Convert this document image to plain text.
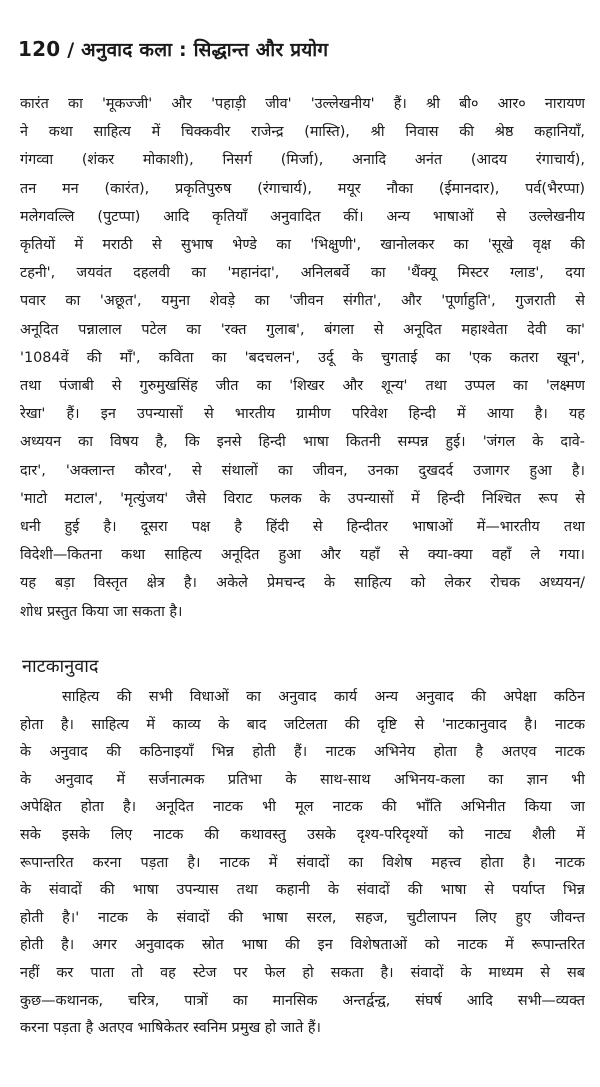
120 / अनुवाद कला : सिद्धान्त और प्रयोग
कारंत का 'मूकज्जी' और 'पहाड़ी जीव' 'उल्लेखनीय' हैं। श्री बी० आर० नारायण
ने कथा साहित्य में चिक्कवीर राजेन्द्र (मास्ति), श्री निवास की श्रेष्ठ कहानियाँ,
गंगव्वा (शंकर मोकाशी), निसर्ग (मिर्जा), अनादि अनंत (आदय रंगाचार्य),
तन मन (कारंत), प्रकृतिपुरुष (रंगाचार्य), मयूर नौका (ईमानदार), पर्व(भैरप्पा)
मलेगवल्लि (पुटप्पा) आदि कृतियाँ अनुवादित कीं। अन्य भाषाओं से उल्लेखनीय
कृतियों में मराठी से सुभाष भेण्डे का 'भिक्षुणी', खानोलकर का 'सूखे वृक्ष की
टहनी', जयवंत दहलवी का 'महानंदा', अनिलबर्वे का 'थैंक्यू मिस्टर ग्लाड', दया
पवार का 'अछूत', यमुना शेवड़े का 'जीवन संगीत', और 'पूर्णाहुति', गुजराती से
अनूदित पन्नालाल पटेल का 'रक्त गुलाब', बंगला से अनूदित महाश्वेता देवी का'
'1084वें की माँ', कविता का 'बदचलन', उर्दू के चुगताई का 'एक कतरा खून',
तथा पंजाबी से गुरुमुखसिंह जीत का 'शिखर और शून्य' तथा उप्पल का 'लक्ष्मण
रेखा' हैं। इन उपन्यासों से भारतीय ग्रामीण परिवेश हिन्दी में आया है। यह
अध्ययन का विषय है, कि इनसे हिन्दी भाषा कितनी सम्पन्न हुई। 'जंगल के दावे-
दार', 'अक्लान्त कौरव', से संथालों का जीवन, उनका दुखदर्द उजागर हुआ है।
'माटो मटाल', 'मृत्युंजय' जैसे विराट फलक के उपन्यासों में हिन्दी निश्चित रूप से
धनी हुई है। दूसरा पक्ष है हिंदी से हिन्दीतर भाषाओं में—भारतीय तथा
विदेशी—कितना कथा साहित्य अनूदित हुआ और यहाँ से क्या-क्या वहाँ ले गया।
यह बड़ा विस्तृत क्षेत्र है। अकेले प्रेमचन्द के साहित्य को लेकर रोचक अध्ययन/
शोध प्रस्तुत किया जा सकता है।
नाटकानुवाद
साहित्य की सभी विधाओं का अनुवाद कार्य अन्य अनुवाद की अपेक्षा कठिन
होता है। साहित्य में काव्य के बाद जटिलता की दृष्टि से 'नाटकानुवाद है। नाटक
के अनुवाद की कठिनाइयाँ भिन्न होती हैं। नाटक अभिनेय होता है अतएव नाटक
के अनुवाद में सर्जनात्मक प्रतिभा के साथ-साथ अभिनय-कला का ज्ञान भी
अपेक्षित होता है। अनूदित नाटक भी मूल नाटक की भाँति अभिनीत किया जा
सके इसके लिए नाटक की कथावस्तु उसके दृश्य-परिदृश्यों को नाट्य शैली में
रूपान्तरित करना पड़ता है। नाटक में संवादों का विशेष महत्त्व होता है। नाटक
के संवादों की भाषा उपन्यास तथा कहानी के संवादों की भाषा से पर्याप्त भिन्न
होती है।' नाटक के संवादों की भाषा सरल, सहज, चुटीलापन लिए हुए जीवन्त
होती है। अगर अनुवादक स्रोत भाषा की इन विशेषताओं को नाटक में रूपान्तरित
नहीं कर पाता तो वह स्टेज पर फेल हो सकता है। संवादों के माध्यम से सब
कुछ—कथानक, चरित्र, पात्रों का मानसिक अन्तर्द्वन्द्व, संघर्ष आदि सभी—व्यक्त
करना पड़ता है अतएव भाषिकेतर स्वनिम प्रमुख हो जाते हैं।
